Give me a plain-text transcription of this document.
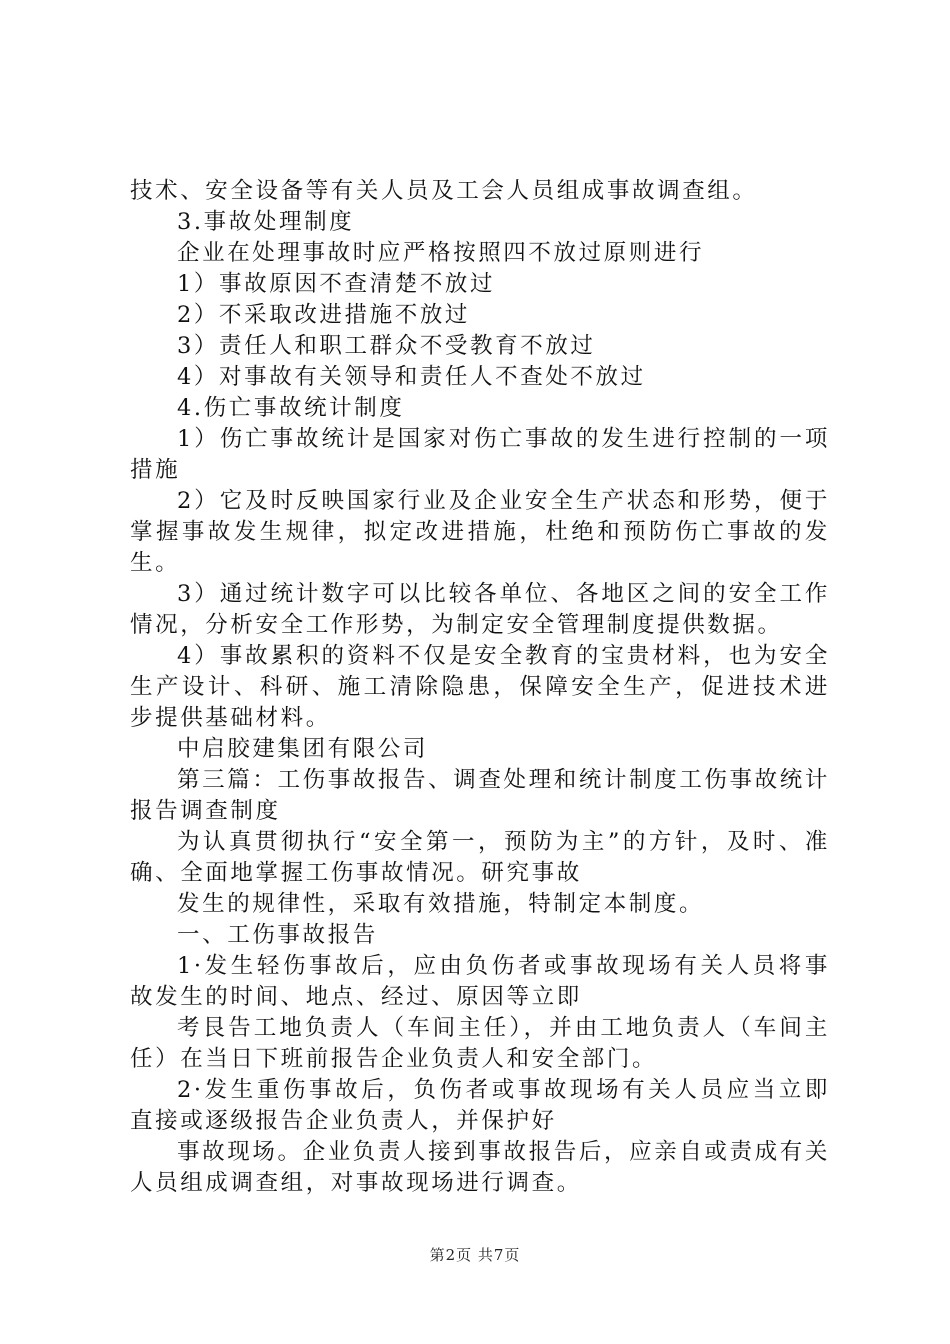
技术、安全设备等有关人员及工会人员组成事故调查组。

3.事故处理制度

企业在处理事故时应严格按照四不放过原则进行

1）事故原因不查清楚不放过

2）不采取改进措施不放过

3）责任人和职工群众不受教育不放过

4）对事故有关领导和责任人不查处不放过

4.伤亡事故统计制度

1）伤亡事故统计是国家对伤亡事故的发生进行控制的一项措施

2）它及时反映国家行业及企业安全生产状态和形势，便于掌握事故发生规律，拟定改进措施，杜绝和预防伤亡事故的发生。

3）通过统计数字可以比较各单位、各地区之间的安全工作情况，分析安全工作形势，为制定安全管理制度提供数据。

4）事故累积的资料不仅是安全教育的宝贵材料，也为安全生产设计、科研、施工清除隐患，保障安全生产，促进技术进步提供基础材料。

中启胶建集团有限公司

第三篇：工伤事故报告、调查处理和统计制度工伤事故统计报告调查制度

为认真贯彻执行“安全第一，预防为主”的方针，及时、准确、全面地掌握工伤事故情况。研究事故

发生的规律性，采取有效措施，特制定本制度。

一、工伤事故报告

1·发生轻伤事故后，应由负伤者或事故现场有关人员将事故发生的时间、地点、经过、原因等立即

考艮告工地负责人（车间主任），并由工地负责人（车间主任）在当日下班前报告企业负责人和安全部门。

2·发生重伤事故后，负伤者或事故现场有关人员应当立即直接或逐级报告企业负责人，并保护好

事故现场。企业负责人接到事故报告后，应亲自或责成有关人员组成调查组，对事故现场进行调查。

第2页 共7页
